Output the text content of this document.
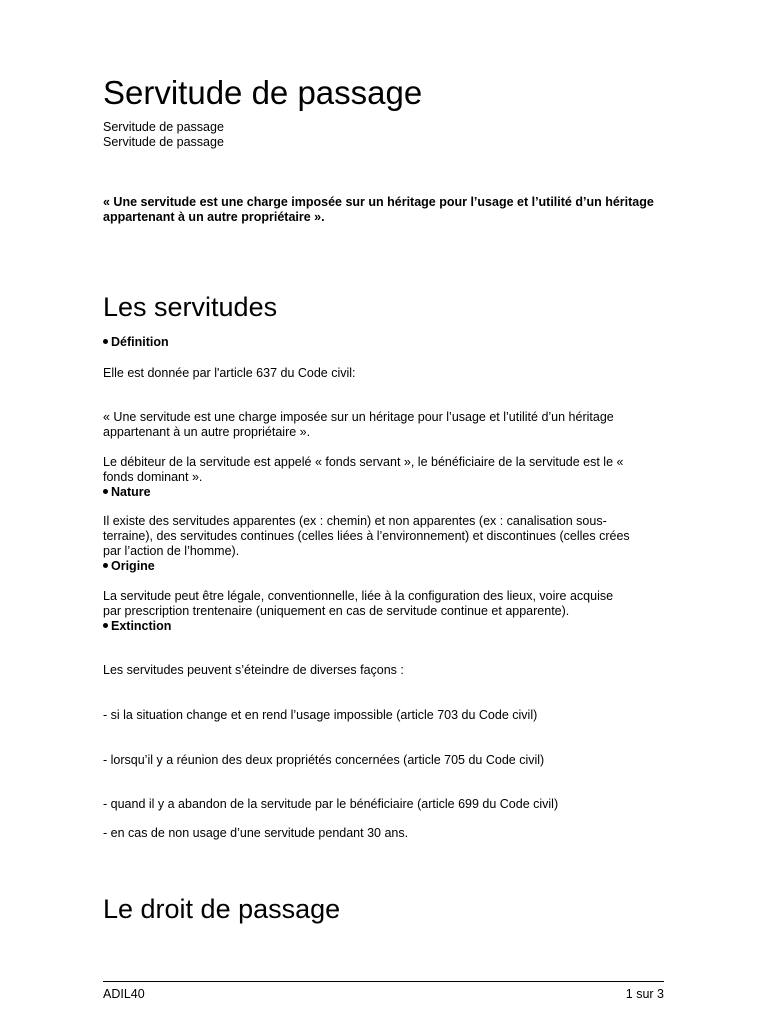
Servitude de passage
Servitude de passage
Servitude de passage
« Une servitude est une charge imposée sur un héritage pour l’usage et l’utilité d’un héritage
appartenant à un autre propriétaire ».
Les servitudes
Définition
Elle est donnée par l'article 637 du Code civil:
« Une servitude est une charge imposée sur un héritage pour l’usage et l’utilité d’un héritage
appartenant à un autre propriétaire ».
Le débiteur de la servitude est appelé « fonds servant », le bénéficiaire de la servitude est le «
fonds dominant ».
Nature
Il existe des servitudes apparentes (ex : chemin) et non apparentes (ex : canalisation sous-
terraine), des servitudes continues (celles liées à l’environnement) et discontinues (celles crées
par l’action de l’homme).
Origine
La servitude peut être légale, conventionnelle, liée à la configuration des lieux, voire acquise
par prescription trentenaire (uniquement en cas de servitude continue et apparente).
Extinction
Les servitudes peuvent s’éteindre de diverses façons :
- si la situation change et en rend l’usage impossible (article 703 du Code civil)
- lorsqu’il y a réunion des deux propriétés concernées (article 705 du Code civil)
- quand il y a abandon de la servitude par le bénéficiaire (article 699 du Code civil)
- en cas de non usage d’une servitude pendant 30 ans.
Le droit de passage
ADIL40	1 sur 3
